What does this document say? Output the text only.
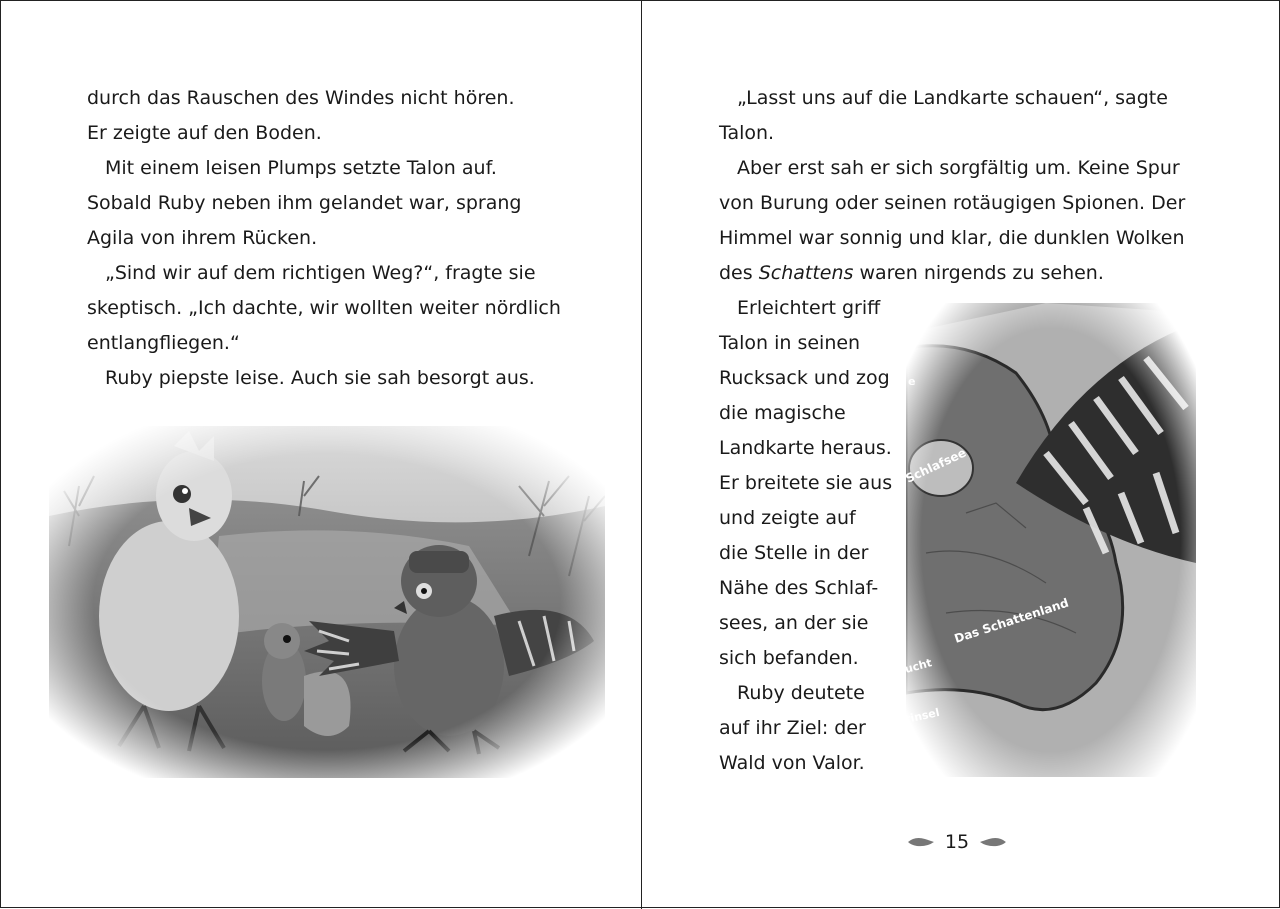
durch das Rauschen des Windes nicht hören.
Er zeigte auf den Boden.
Mit einem leisen Plumps setzte Talon auf.
Sobald Ruby neben ihm gelandet war, sprang
Agila von ihrem Rücken.
„Sind wir auf dem richtigen Weg?“, fragte sie
skeptisch. „Ich dachte, wir wollten weiter nördlich
entlangfliegen.“
Ruby piepste leise. Auch sie sah besorgt aus.
„Lasst uns auf die Landkarte schauen“, sagte
Talon.
Aber erst sah er sich sorgfältig um. Keine Spur
von Burung oder seinen rotäugigen Spionen. Der
Himmel war sonnig und klar, die dunklen Wolken
des Schattens waren nirgends zu sehen.
Erleichtert griff
Talon in seinen
Rucksack und zog
die magische
Landkarte heraus.
Er breitete sie aus
und zeigte auf
die Stelle in der
Nähe des Schlaf-
sees, an der sie
sich befanden.
Ruby deutete
auf ihr Ziel: der
Wald von Valor.
15
